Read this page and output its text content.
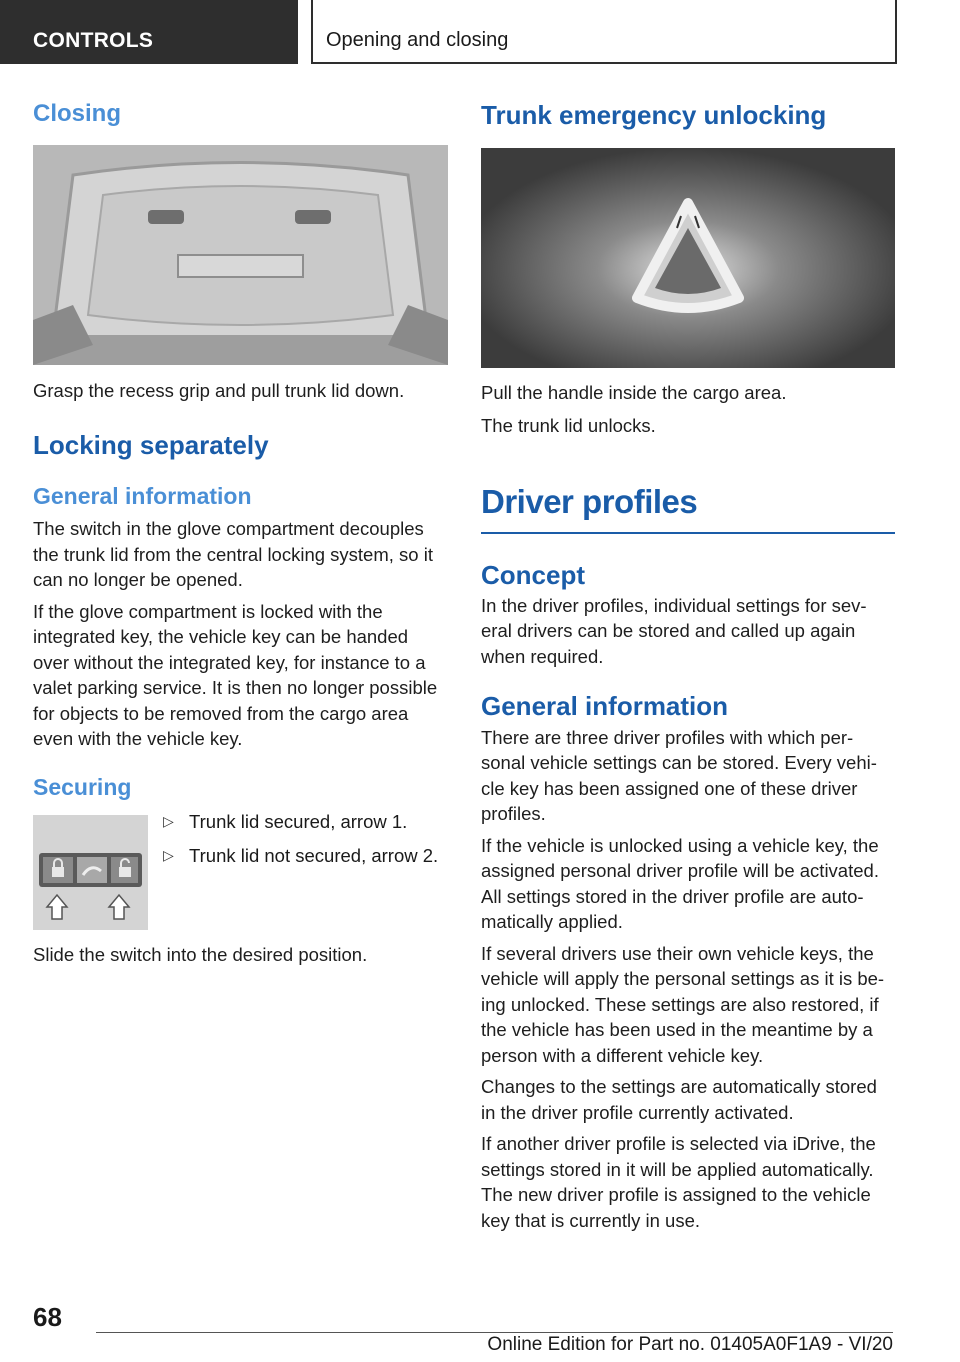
CONTROLS	Opening and closing
Closing

Grasp the recess grip and pull trunk lid down.

Locking separately
General information

The switch in the glove compartment decouples the trunk lid from the central locking system, so it can no longer be opened.

If the glove compartment is locked with the integrated key, the vehicle key can be handed over without the integrated key, for instance to a valet parking service. It is then no longer possible for objects to be removed from the cargo area even with the vehicle key.

Securing
▷ Trunk lid secured, arrow 1.
▷ Trunk lid not secured, arrow 2.

Slide the switch into the desired position.

Trunk emergency unlocking

Pull the handle inside the cargo area.

The trunk lid unlocks.

Driver profiles
Concept

In the driver profiles, individual settings for sev‐eral drivers can be stored and called up again when required.

General information

There are three driver profiles with which per‐sonal vehicle settings can be stored. Every vehi‐cle key has been assigned one of these driver profiles.

If the vehicle is unlocked using a vehicle key, the assigned personal driver profile will be activated. All settings stored in the driver profile are auto‐matically applied.

If several drivers use their own vehicle keys, the vehicle will apply the personal settings as it is be‐ing unlocked. These settings are also restored, if the vehicle has been used in the meantime by a person with a different vehicle key.

Changes to the settings are automatically stored in the driver profile currently activated.

If another driver profile is selected via iDrive, the settings stored in it will be applied automatically. The new driver profile is assigned to the vehicle key that is currently in use.

68
Online Edition for Part no. 01405A0F1A9 - VI/20
